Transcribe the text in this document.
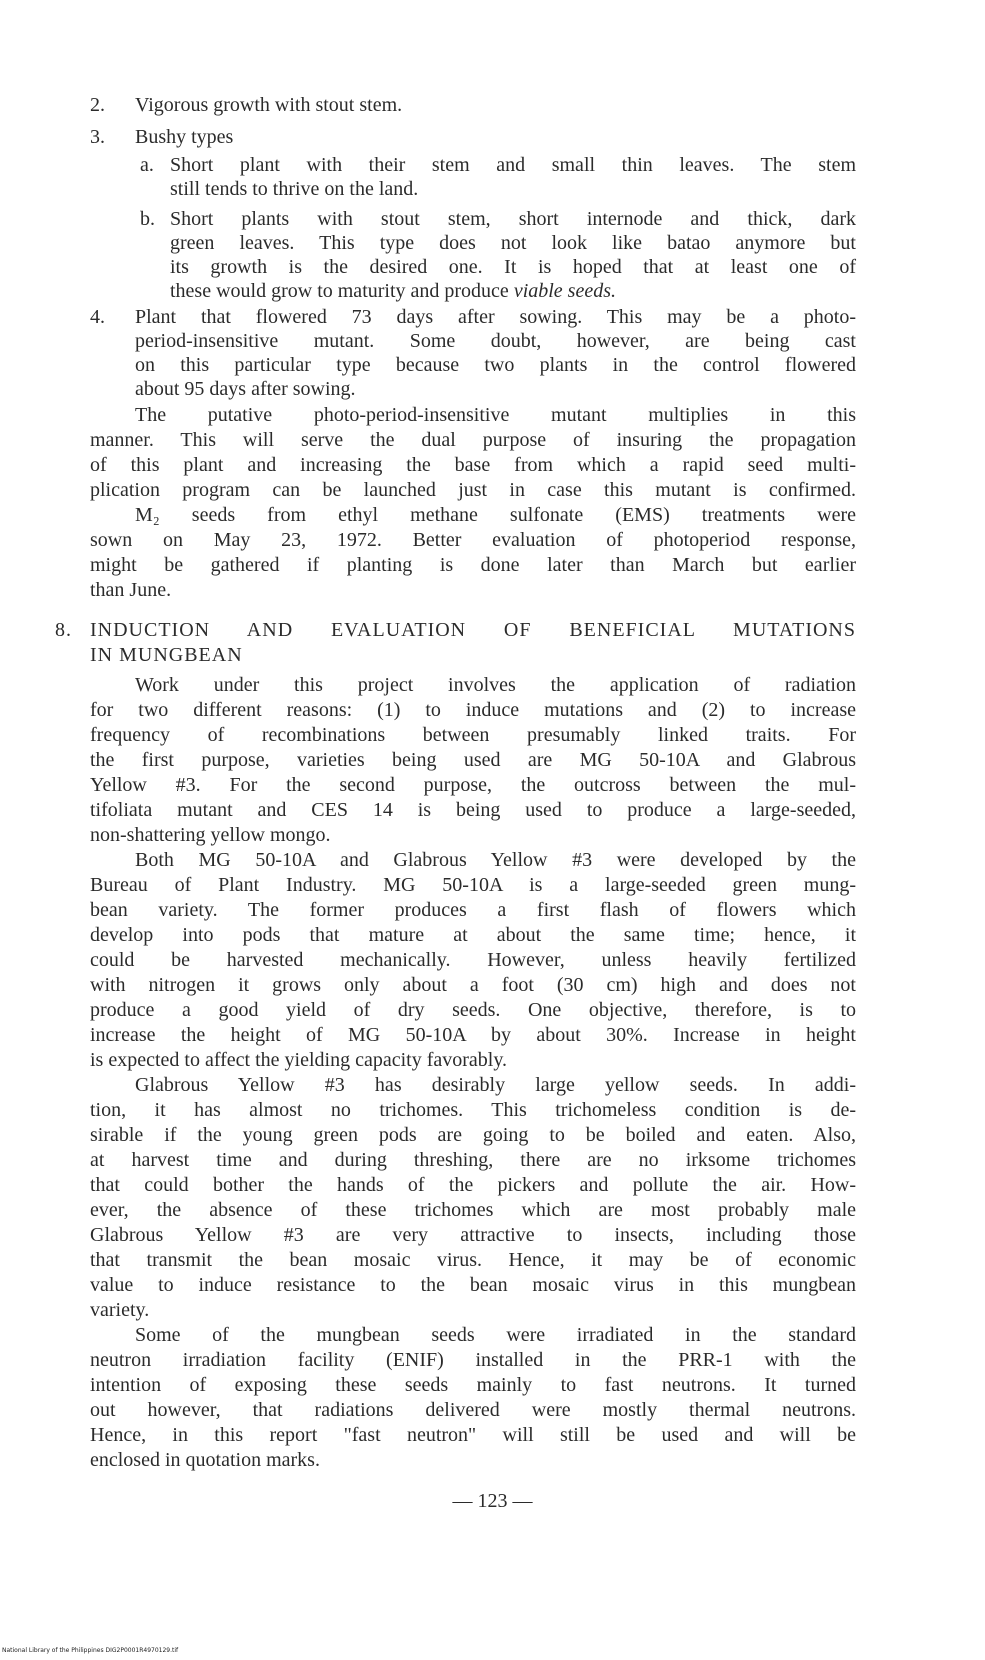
2. Vigorous growth with stout stem.
3. Bushy types
a. Short plant with their stem and small thin leaves. The stem
still tends to thrive on the land.
b. Short plants with stout stem, short internode and thick, dark
green leaves. This type does not look like batao anymore but
its growth is the desired one. It is hoped that at least one of
these would grow to maturity and produce viable seeds.
4. Plant that flowered 73 days after sowing. This may be a photo-
period-insensitive mutant. Some doubt, however, are being cast
on this particular type because two plants in the control flowered
about 95 days after sowing.
The putative photo-period-insensitive mutant multiplies in this
manner. This will serve the dual purpose of insuring the propagation
of this plant and increasing the base from which a rapid seed multi-
plication program can be launched just in case this mutant is confirmed.
M₂ seeds from ethyl methane sulfonate (EMS) treatments were
sown on May 23, 1972. Better evaluation of photoperiod response,
might be gathered if planting is done later than March but earlier
than June.
8. INDUCTION AND EVALUATION OF BENEFICIAL MUTATIONS
IN MUNGBEAN
Work under this project involves the application of radiation
for two different reasons: (1) to induce mutations and (2) to increase
frequency of recombinations between presumably linked traits. For
the first purpose, varieties being used are MG 50-10A and Glabrous
Yellow #3. For the second purpose, the outcross between the mul-
tifoliata mutant and CES 14 is being used to produce a large-seeded,
non-shattering yellow mongo.
Both MG 50-10A and Glabrous Yellow #3 were developed by the
Bureau of Plant Industry. MG 50-10A is a large-seeded green mung-
bean variety. The former produces a first flash of flowers which
develop into pods that mature at about the same time; hence, it
could be harvested mechanically. However, unless heavily fertilized
with nitrogen it grows only about a foot (30 cm) high and does not
produce a good yield of dry seeds. One objective, therefore, is to
increase the height of MG 50-10A by about 30%. Increase in height
is expected to affect the yielding capacity favorably.
Glabrous Yellow #3 has desirably large yellow seeds. In addi-
tion, it has almost no trichomes. This trichomeless condition is de-
sirable if the young green pods are going to be boiled and eaten. Also,
at harvest time and during threshing, there are no irksome trichomes
that could bother the hands of the pickers and pollute the air. How-
ever, the absence of these trichomes which are most probably male
Glabrous Yellow #3 are very attractive to insects, including those
that transmit the bean mosaic virus. Hence, it may be of economic
value to induce resistance to the bean mosaic virus in this mungbean
variety.
Some of the mungbean seeds were irradiated in the standard
neutron irradiation facility (ENIF) installed in the PRR-1 with the
intention of exposing these seeds mainly to fast neutrons. It turned
out however, that radiations delivered were mostly thermal neutrons.
Hence, in this report "fast neutron" will still be used and will be
enclosed in quotation marks.
— 123 —
National Library of the Philippines DIG2P0001R4970129.tif
